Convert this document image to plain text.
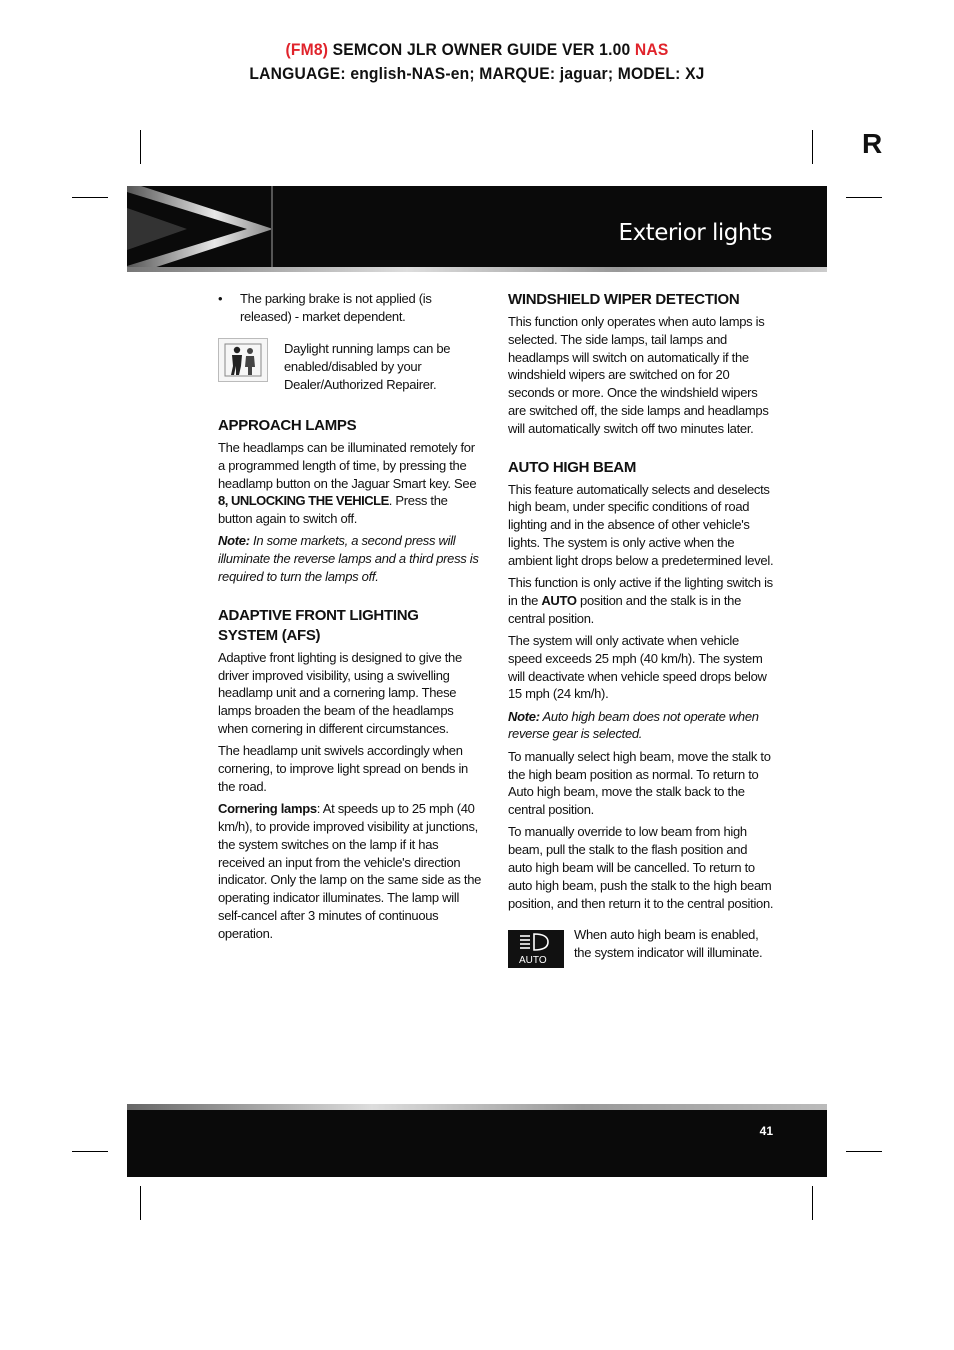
(FM8) SEMCON JLR OWNER GUIDE VER 1.00 NAS
LANGUAGE: english-NAS-en; MARQUE: jaguar; MODEL: XJ
R
Exterior lights
•	The parking brake is not applied (is released) - market dependent.

Daylight running lamps can be enabled/disabled by your Dealer/Authorized Repairer.

APPROACH LAMPS

The headlamps can be illuminated remotely for a programmed length of time, by pressing the headlamp button on the Jaguar Smart key. See 8, UNLOCKING THE VEHICLE. Press the button again to switch off.

Note: In some markets, a second press will illuminate the reverse lamps and a third press is required to turn the lamps off.

ADAPTIVE FRONT LIGHTING SYSTEM (AFS)

Adaptive front lighting is designed to give the driver improved visibility, using a swivelling headlamp unit and a cornering lamp. These lamps broaden the beam of the headlamps when cornering in different circumstances.

The headlamp unit swivels accordingly when cornering, to improve light spread on bends in the road.

Cornering lamps: At speeds up to 25 mph (40 km/h), to provide improved visibility at junctions, the system switches on the lamp if it has received an input from the vehicle's direction indicator. Only the lamp on the same side as the operating indicator illuminates. The lamp will self-cancel after 3 minutes of continuous operation.

WINDSHIELD WIPER DETECTION

This function only operates when auto lamps is selected. The side lamps, tail lamps and headlamps will switch on automatically if the windshield wipers are switched on for 20 seconds or more. Once the windshield wipers are switched off, the side lamps and headlamps will automatically switch off two minutes later.

AUTO HIGH BEAM

This feature automatically selects and deselects high beam, under specific conditions of road lighting and in the absence of other vehicle's lights. The system is only active when the ambient light drops below a predetermined level.

This function is only active if the lighting switch is in the AUTO position and the stalk is in the central position.

The system will only activate when vehicle speed exceeds 25 mph (40 km/h). The system will deactivate when vehicle speed drops below 15 mph (24 km/h).

Note: Auto high beam does not operate when reverse gear is selected.

To manually select high beam, move the stalk to the high beam position as normal. To return to Auto high beam, move the stalk back to the central position.

To manually override to low beam from high beam, pull the stalk to the flash position and auto high beam will be cancelled. To return to auto high beam, push the stalk to the high beam position, and then return it to the central position.

AUTO

When auto high beam is enabled, the system indicator will illuminate.

41
